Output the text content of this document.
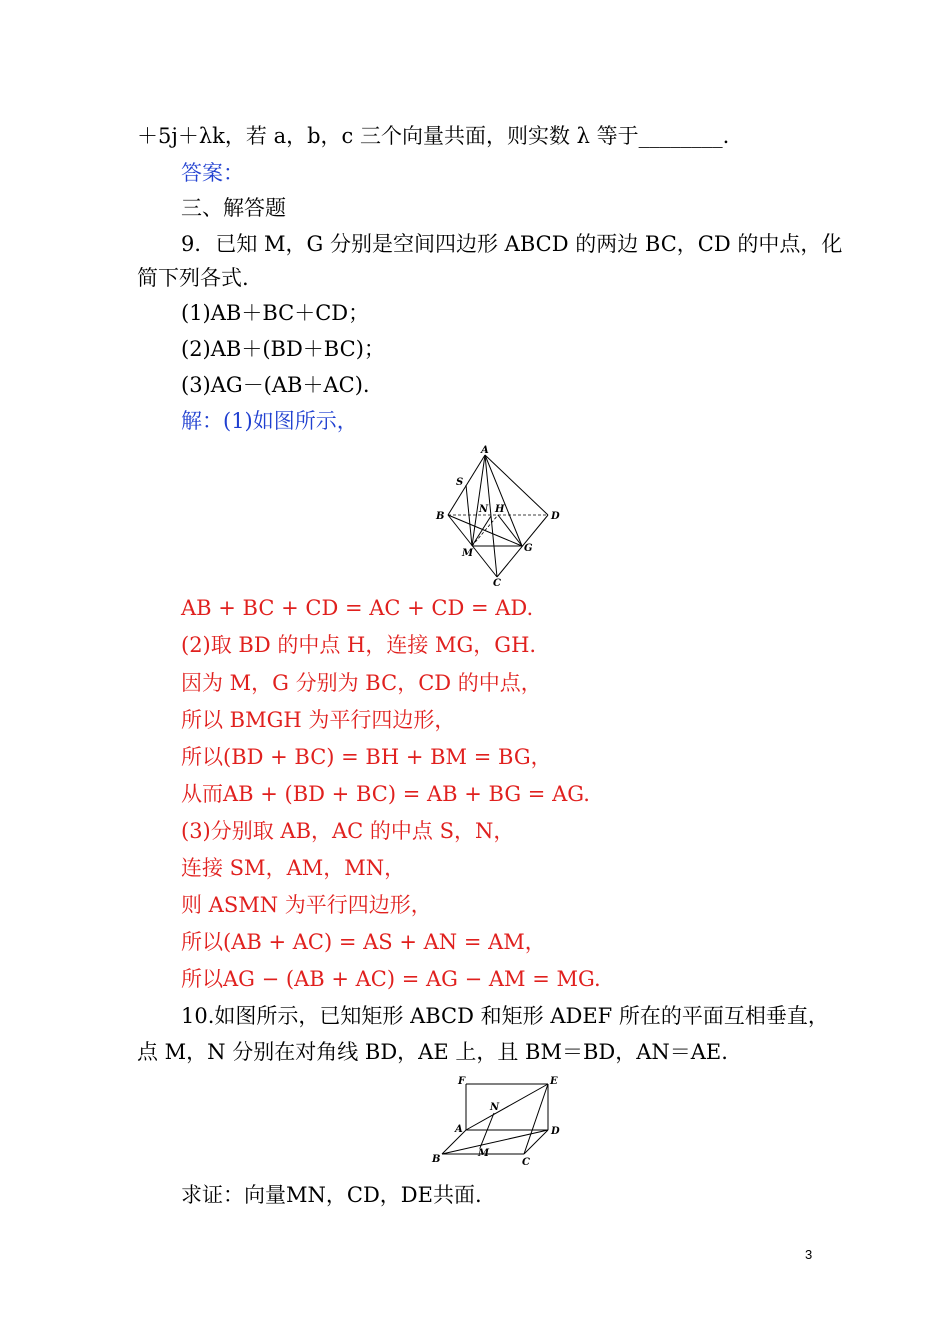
＋5j＋λk，若 a，b，c 三个向量共面，则实数 λ 等于________.
答案：
三、解答题
9．已知 M，G 分别是空间四边形 ABCD 的两边 BC，CD 的中点，化
简下列各式.
(1)AB＋BC＋CD；
(2)AB＋(BD＋BC)；
(3)AG－(AB＋AC).
解：(1)如图所示，
A
S
N H
B	D
M	G
C
AB + BC + CD = AC + CD = AD.
(2)取 BD 的中点 H，连接 MG，GH.
因为 M，G 分别为 BC，CD 的中点，
所以 BMGH 为平行四边形，
所以(BD + BC) = BH + BM = BG，
从而AB + (BD + BC) = AB + BG = AG.
(3)分别取 AB，AC 的中点 S，N，
连接 SM，AM，MN，
则 ASMN 为平行四边形，
所以(AB + AC) = AS + AN = AM，
所以AG − (AB + AC) = AG − AM = MG.
10.如图所示，已知矩形 ABCD 和矩形 ADEF 所在的平面互相垂直，
点 M，N 分别在对角线 BD，AE 上，且 BM＝BD，AN＝AE.
F	E
N
A	D
B
M
C
求证：向量MN，CD，DE共面.
3
